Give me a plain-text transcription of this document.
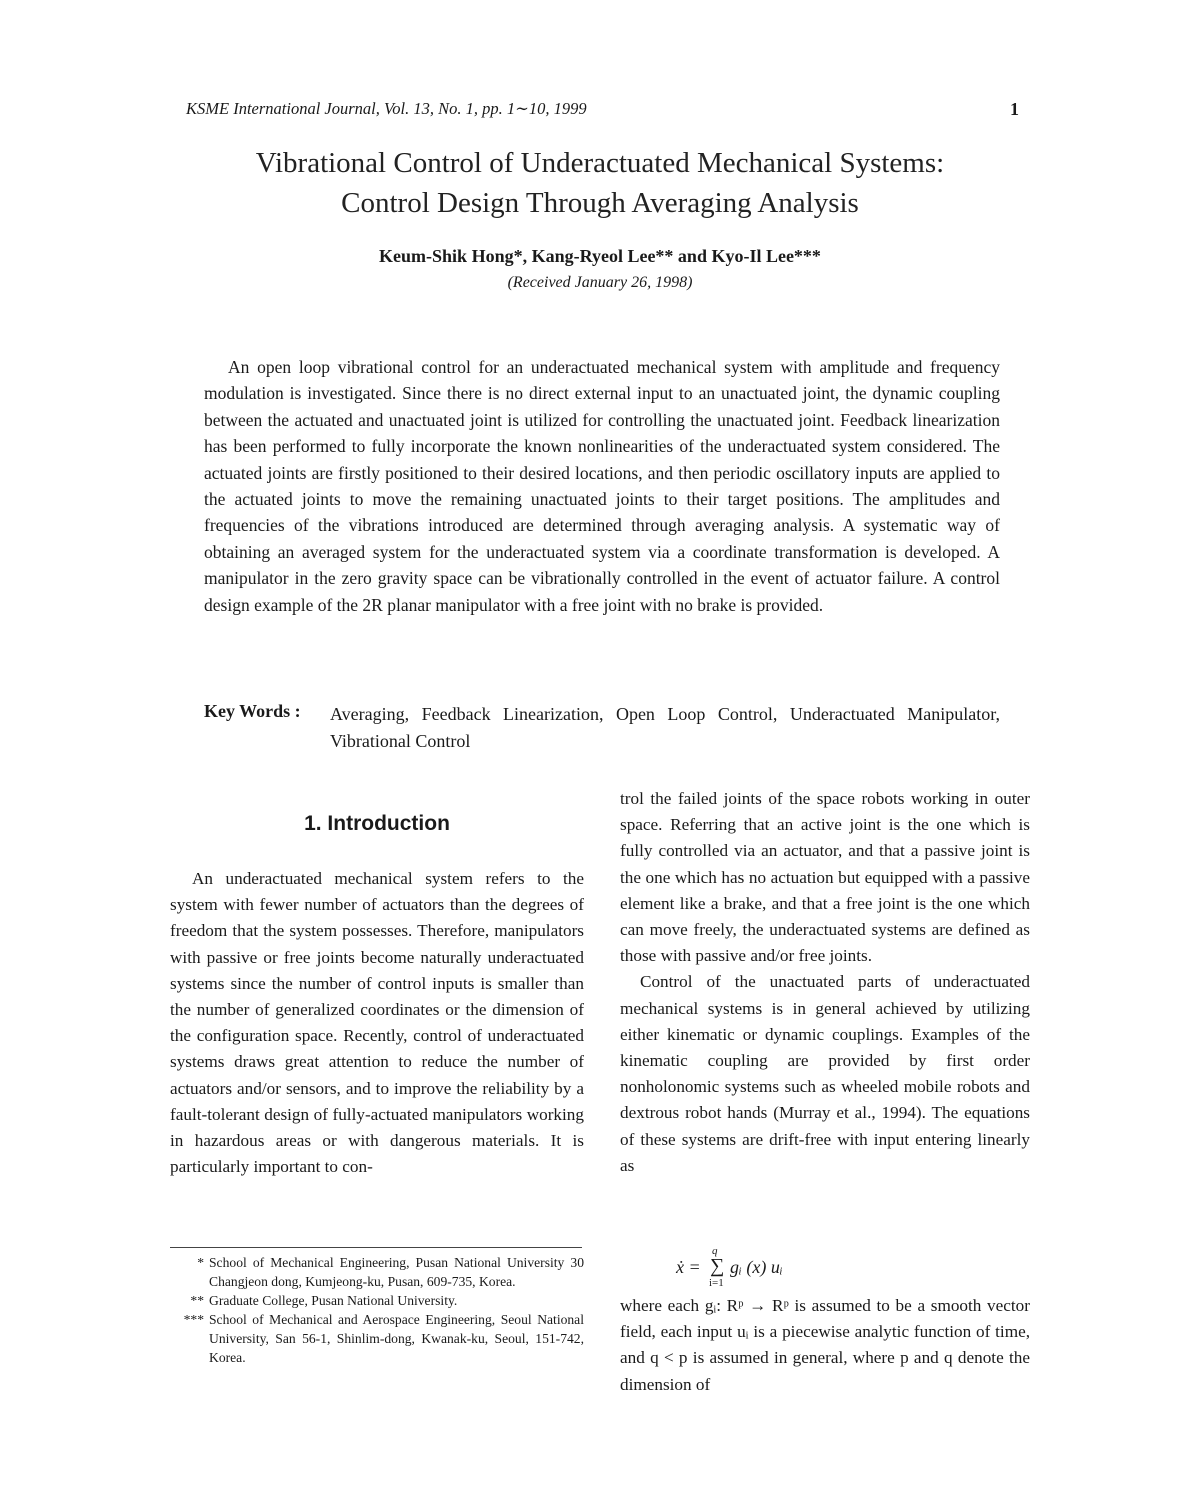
KSME International Journal, Vol. 13, No. 1, pp. 1∼10, 1999	1
Vibrational Control of Underactuated Mechanical Systems:
Control Design Through Averaging Analysis
Keum-Shik Hong*, Kang-Ryeol Lee** and Kyo-Il Lee***
(Received January 26, 1998)
An open loop vibrational control for an underactuated mechanical system with amplitude and frequency modulation is investigated. Since there is no direct external input to an unactuated joint, the dynamic coupling between the actuated and unactuated joint is utilized for controlling the unactuated joint. Feedback linearization has been performed to fully incorporate the known nonlinearities of the underactuated system considered. The actuated joints are firstly positioned to their desired locations, and then periodic oscillatory inputs are applied to the actuated joints to move the remaining unactuated joints to their target positions. The amplitudes and frequencies of the vibrations introduced are determined through averaging analysis. A systematic way of obtaining an averaged system for the underactuated system via a coordinate transformation is developed. A manipulator in the zero gravity space can be vibrationally controlled in the event of actuator failure. A control design example of the 2R planar manipulator with a free joint with no brake is provided.
Key Words : Averaging, Feedback Linearization, Open Loop Control, Underactuated Manipulator, Vibrational Control
1. Introduction
An underactuated mechanical system refers to the system with fewer number of actuators than the degrees of freedom that the system possesses. Therefore, manipulators with passive or free joints become naturally underactuated systems since the number of control inputs is smaller than the number of generalized coordinates or the dimension of the configuration space. Recently, control of underactuated systems draws great attention to reduce the number of actuators and/or sensors, and to improve the reliability by a fault-tolerant design of fully-actuated manipulators working in hazardous areas or with dangerous materials. It is particularly important to con-
* School of Mechanical Engineering, Pusan National University 30 Changjeon dong, Kumjeong-ku, Pusan, 609-735, Korea.
** Graduate College, Pusan National University.
*** School of Mechanical and Aerospace Engineering, Seoul National University, San 56-1, Shinlim-dong, Kwanak-ku, Seoul, 151-742, Korea.

trol the failed joints of the space robots working in outer space. Referring that an active joint is the one which is fully controlled via an actuator, and that a passive joint is the one which has no actuation but equipped with a passive element like a brake, and that a free joint is the one which can move freely, the underactuated systems are defined as those with passive and/or free joints.

Control of the unactuated parts of underactuated mechanical systems is in general achieved by utilizing either kinematic or dynamic couplings. Examples of the kinematic coupling are provided by first order nonholonomic systems such as wheeled mobile robots and dextrous robot hands (Murray et al., 1994). The equations of these systems are drift-free with input entering linearly as

ẋ =
q
∑
i=1
gᵢ (x) uᵢ
where each gᵢ: Rᵖ → Rᵖ is assumed to be a smooth vector field, each input uᵢ is a piecewise analytic function of time, and q < p is assumed in general, where p and q denote the dimension of
